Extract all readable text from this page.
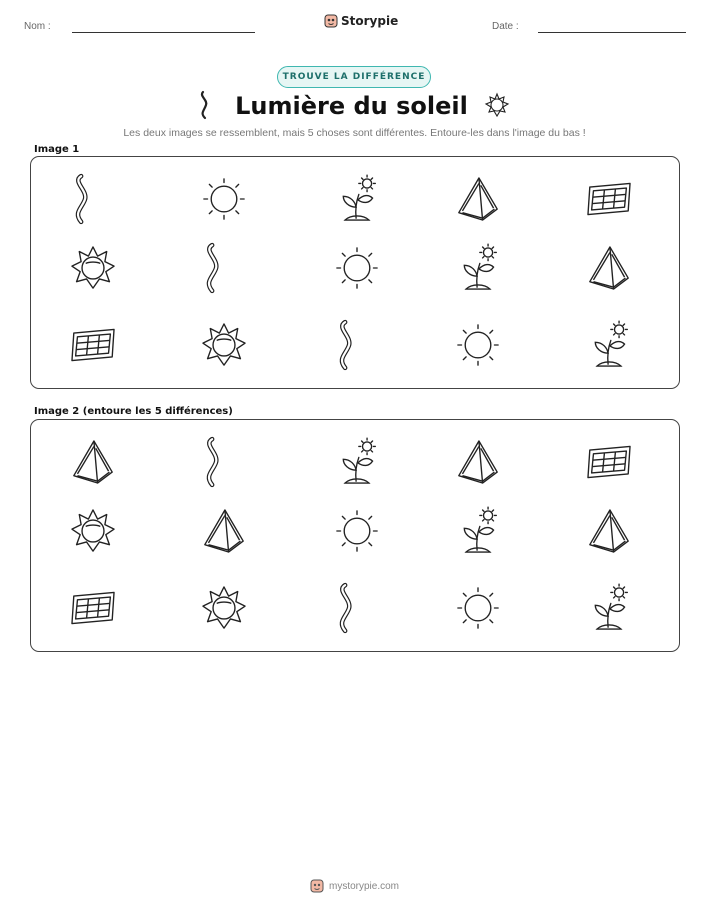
Nom :	Storypie	Date :
TROUVE LA DIFFÉRENCE
Lumière du soleil
Les deux images se ressemblent, mais 5 choses sont différentes. Entoure-les dans l'image du bas !
Image 1
Image 2 (entoure les 5 différences)
mystorypie.com
